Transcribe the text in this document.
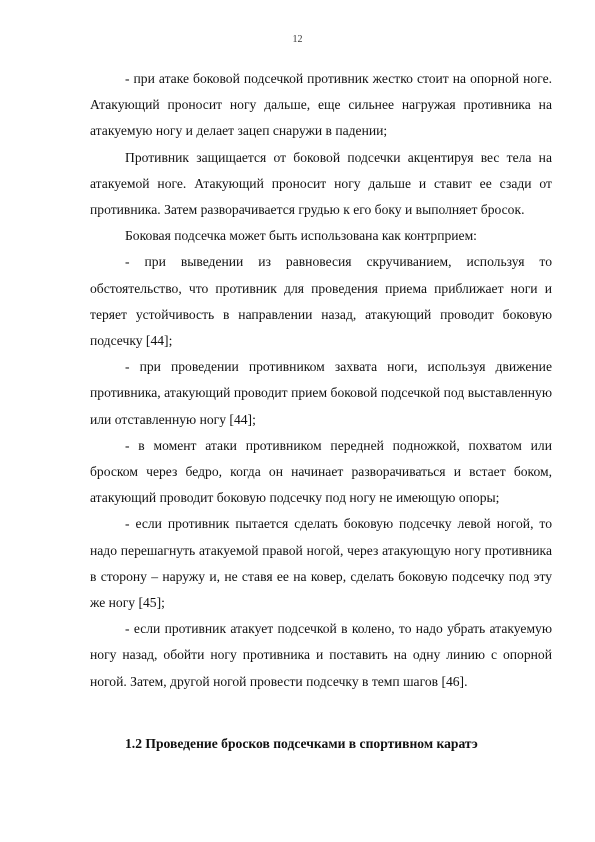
12

- при атаке боковой подсечкой противник жестко стоит на опорной ноге. Атакующий проносит ногу дальше, еще сильнее нагружая противника на атакуемую ногу и делает зацеп снаружи в падении;

Противник защищается от боковой подсечки акцентируя вес тела на атакуемой ноге. Атакующий проносит ногу дальше и ставит ее сзади от противника. Затем разворачивается грудью к его боку и выполняет бросок.

Боковая подсечка может быть использована как контрприем:

- при выведении из равновесия скручиванием, используя то обстоятельство, что противник для проведения приема приближает ноги и теряет устойчивость в направлении назад, атакующий проводит боковую подсечку [44];

- при проведении противником захвата ноги, используя движение противника, атакующий проводит прием боковой подсечкой под выставленную или отставленную ногу [44];

- в момент атаки противником передней подножкой, похватом или броском через бедро, когда он начинает разворачиваться и встает боком, атакующий проводит боковую подсечку под ногу не имеющую опоры;

- если противник пытается сделать боковую подсечку левой ногой, то надо перешагнуть атакуемой правой ногой, через атакующую ногу противника в сторону – наружу и, не ставя ее на ковер, сделать боковую подсечку под эту же ногу [45];

- если противник атакует подсечкой в колено, то надо убрать атакуемую ногу назад, обойти ногу противника и поставить на одну линию с опорной ногой. Затем, другой ногой провести подсечку в темп шагов [46].

1.2 Проведение бросков подсечками в спортивном каратэ
